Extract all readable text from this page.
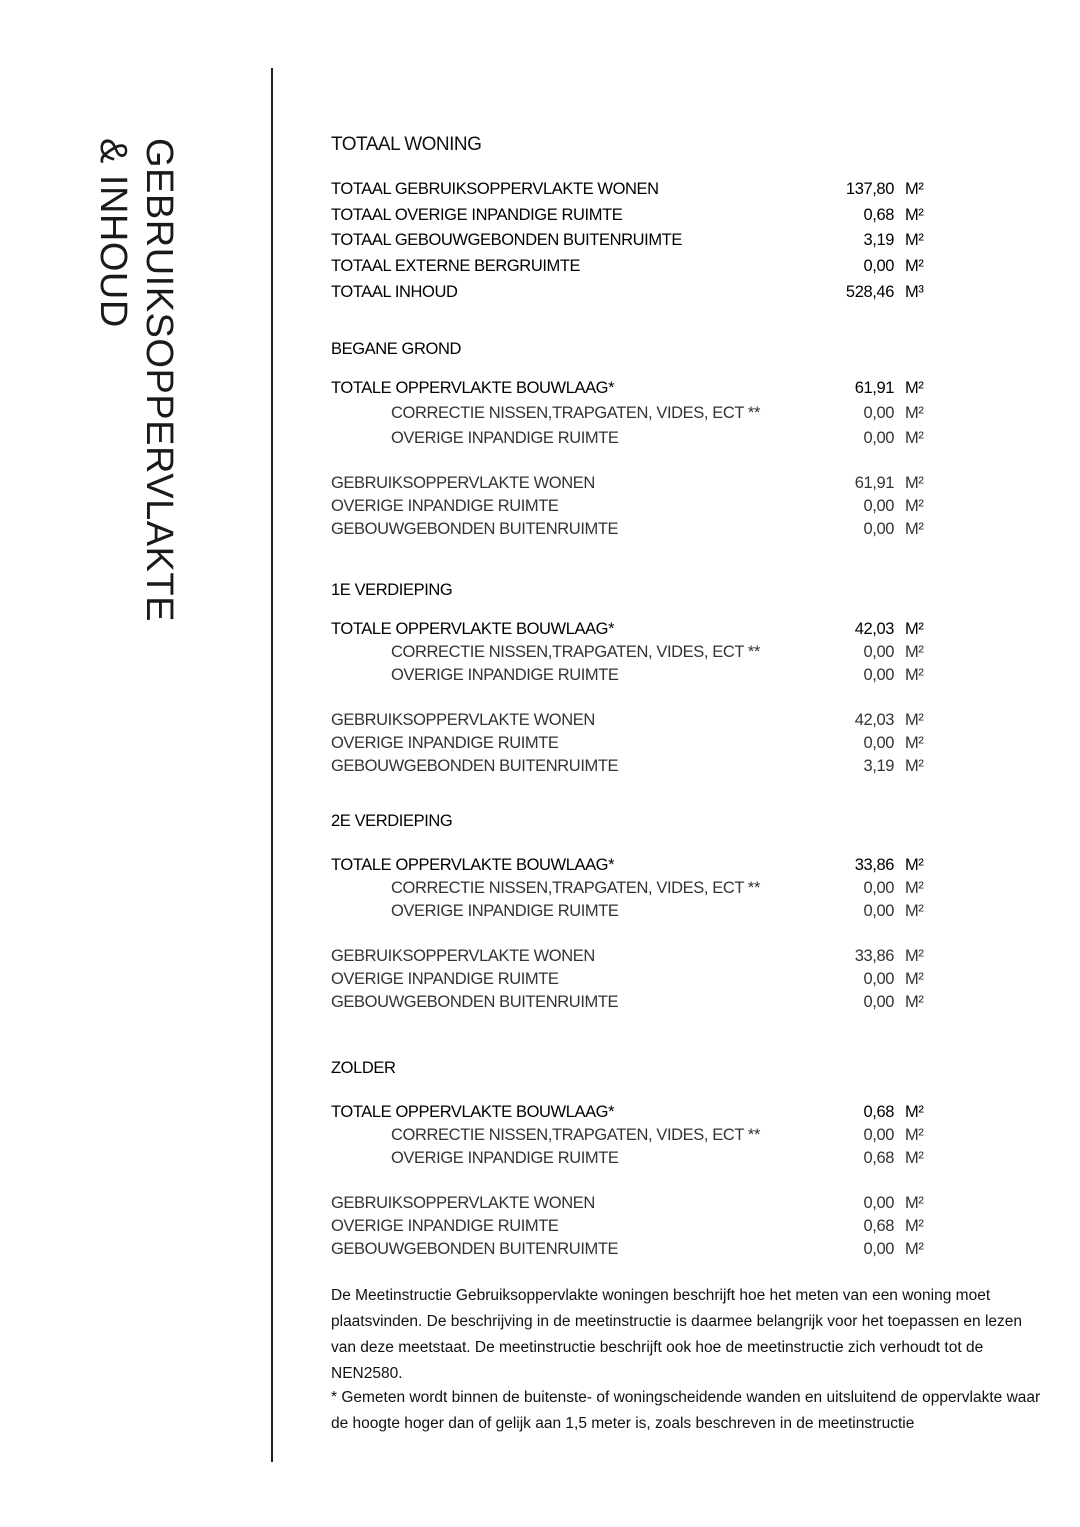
GEBRUIKSOPPERVLAKTE
& INHOUD	TOTAAL WONING
TOTAAL GEBRUIKSOPPERVLAKTE WONEN	137,80 M²
TOTAAL OVERIGE INPANDIGE RUIMTE	0,68 M²
TOTAAL GEBOUWGEBONDEN BUITENRUIMTE	3,19 M²
TOTAAL EXTERNE BERGRUIMTE	0,00 M²
TOTAAL INHOUD	528,46 M³
BEGANE GROND
TOTALE OPPERVLAKTE BOUWLAAG*	61,91 M²
CORRECTIE NISSEN,TRAPGATEN, VIDES, ECT **	0,00 M²
OVERIGE INPANDIGE RUIMTE	0,00 M²
GEBRUIKSOPPERVLAKTE WONEN	61,91 M²
OVERIGE INPANDIGE RUIMTE	0,00 M²
GEBOUWGEBONDEN BUITENRUIMTE	0,00 M²
1E VERDIEPING
TOTALE OPPERVLAKTE BOUWLAAG*	42,03 M²
CORRECTIE NISSEN,TRAPGATEN, VIDES, ECT **	0,00 M²
OVERIGE INPANDIGE RUIMTE	0,00 M²
GEBRUIKSOPPERVLAKTE WONEN	42,03 M²
OVERIGE INPANDIGE RUIMTE	0,00 M²
GEBOUWGEBONDEN BUITENRUIMTE	3,19 M²
2E VERDIEPING
TOTALE OPPERVLAKTE BOUWLAAG*	33,86 M²
CORRECTIE NISSEN,TRAPGATEN, VIDES, ECT **	0,00 M²
OVERIGE INPANDIGE RUIMTE	0,00 M²
GEBRUIKSOPPERVLAKTE WONEN	33,86 M²
OVERIGE INPANDIGE RUIMTE	0,00 M²
GEBOUWGEBONDEN BUITENRUIMTE	0,00 M²
ZOLDER
TOTALE OPPERVLAKTE BOUWLAAG*	0,68 M²
CORRECTIE NISSEN,TRAPGATEN, VIDES, ECT **	0,00 M²
OVERIGE INPANDIGE RUIMTE	0,68 M²
GEBRUIKSOPPERVLAKTE WONEN	0,00 M²
OVERIGE INPANDIGE RUIMTE	0,68 M²
GEBOUWGEBONDEN BUITENRUIMTE	0,00 M²

De Meetinstructie Gebruiksoppervlakte woningen beschrijft hoe het meten van een woning moet plaatsvinden. De beschrijving in de meetinstructie is daarmee belangrijk voor het toepassen en lezen van deze meetstaat. De meetinstructie beschrijft ook hoe de meetinstructie zich verhoudt tot de NEN2580.

* Gemeten wordt binnen de buitenste- of woningscheidende wanden en uitsluitend de oppervlakte waar de hoogte hoger dan of gelijk aan 1,5 meter is, zoals beschreven in de meetinstructie
